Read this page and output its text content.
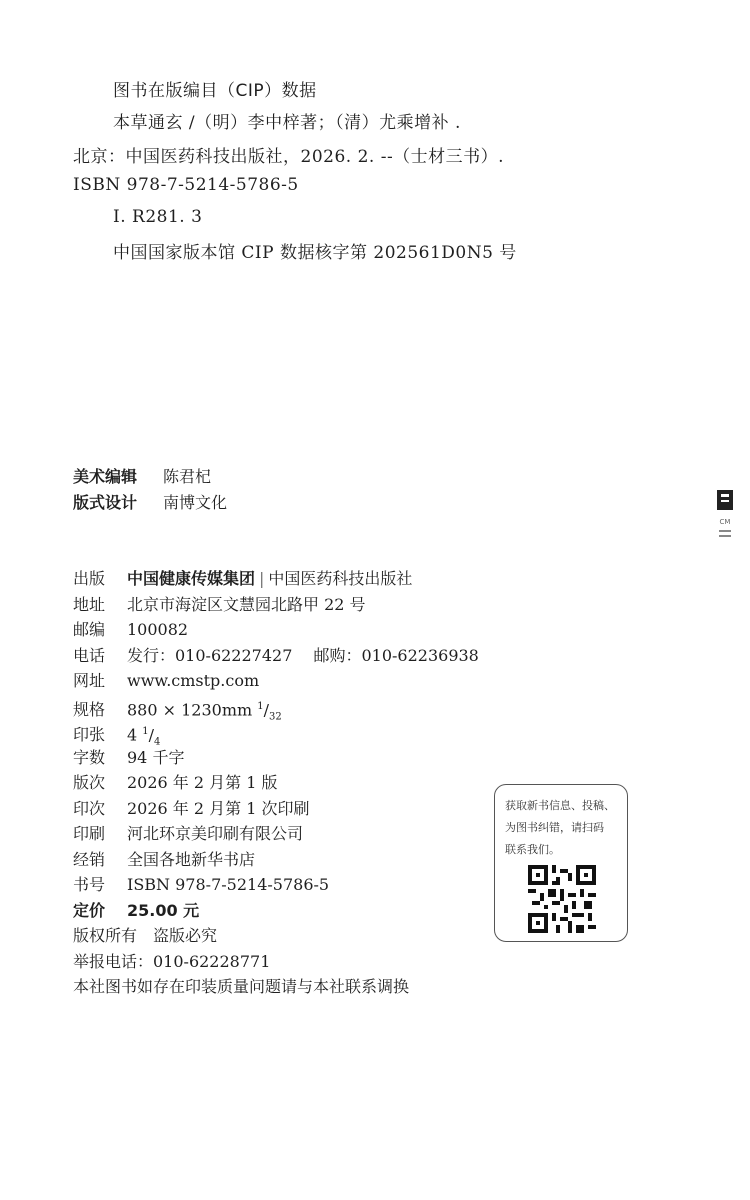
图书在版编目（CIP）数据
本草通玄 /（明）李中梓著；（清）尤乘增补 .
北京：中国医药科技出版社，2026. 2. --（士材三书）.
ISBN 978-7-5214-5786-5
Ⅰ. R281. 3
中国国家版本馆 CIP 数据核字第 202561D0N5 号
美术编辑 陈君杞
版式设计 南博文化
出版 中国健康传媒集团 | 中国医药科技出版社
地址 北京市海淀区文慧园北路甲 22 号
邮编 100082
电话 发行：010-62227427　 邮购：010-62236938
网址 www.cmstp.com
规格 880 × 1230mm $^1/_{32}$
印张 4 $^1/_4$
字数 94 千字
版次 2026 年 2 月第 1 版
印次 2026 年 2 月第 1 次印刷
印刷 河北环京美印刷有限公司
经销 全国各地新华书店
书号 ISBN 978-7-5214-5786-5
定价 25.00 元
版权所有　盗版必究
举报电话：010-62228771
本社图书如存在印装质量问题请与本社联系调换
获取新书信息、投稿、
为图书纠错，请扫码
联系我们。
CM
